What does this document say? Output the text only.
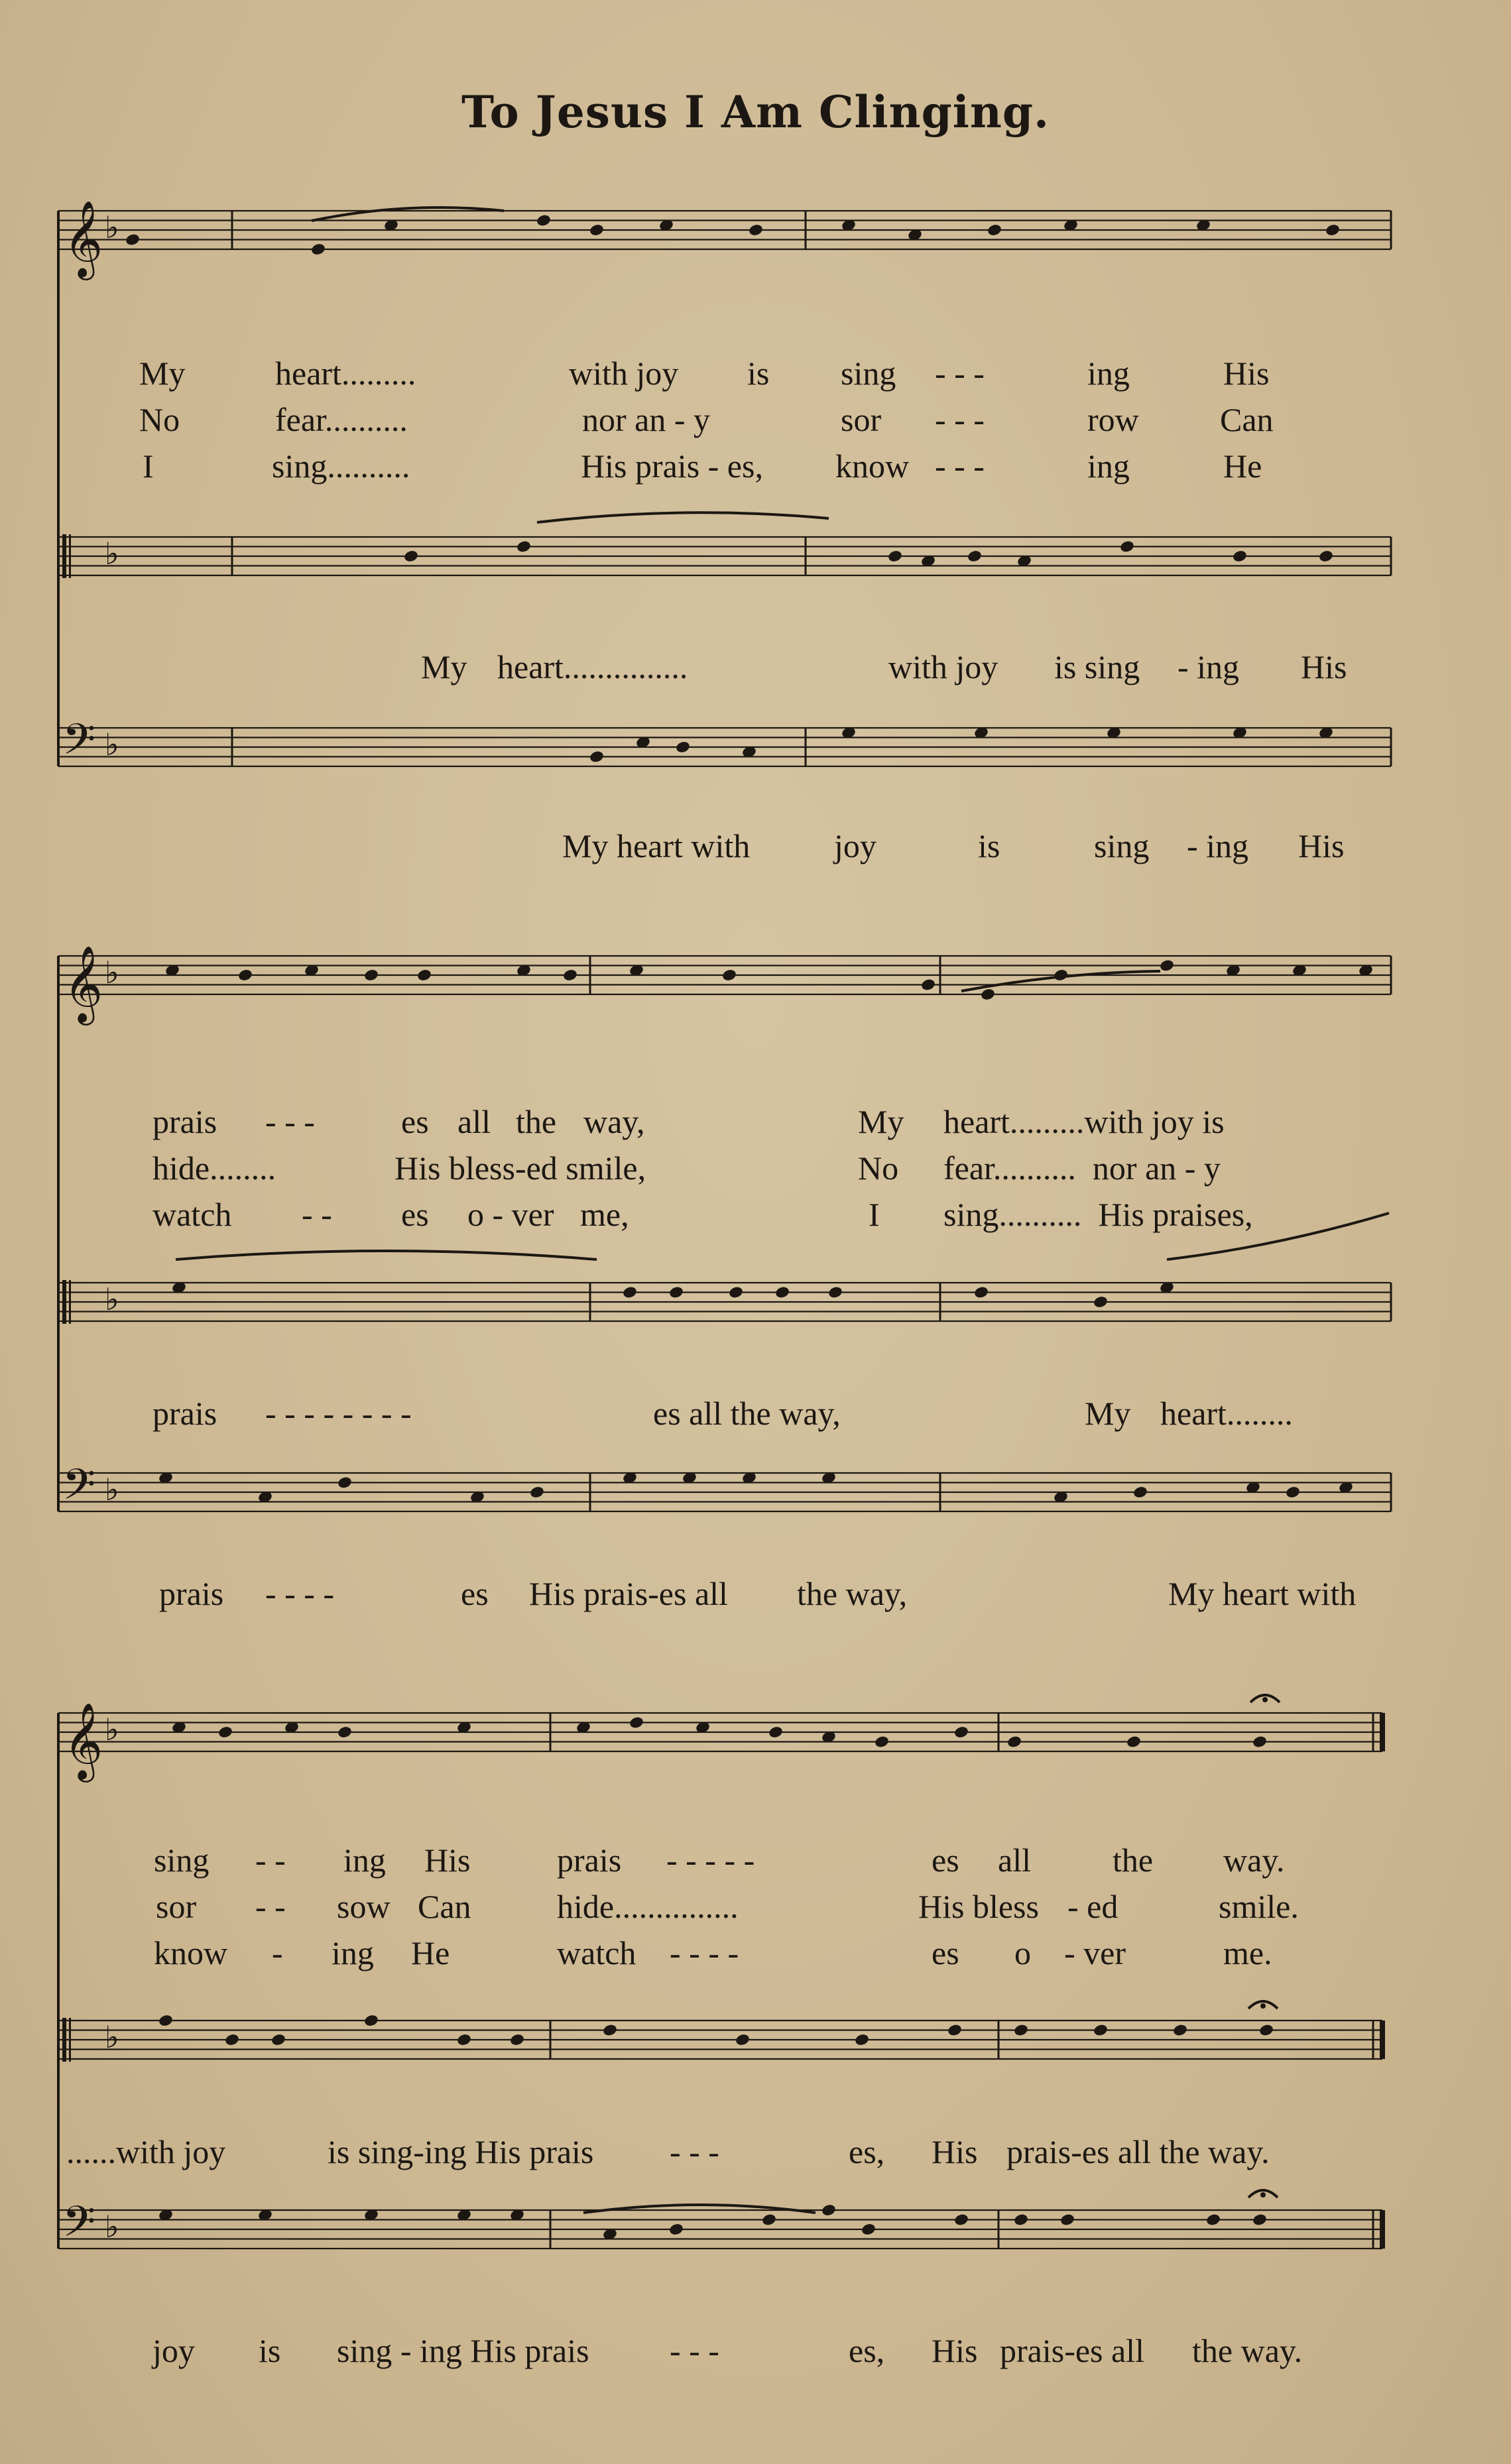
To Jesus I Am Clinging.
𝄞 ♭
♭
𝄢 ♭
𝄞 ♭
♭
𝄢 ♭
𝄞 ♭
♭
𝄢 ♭
My	heart.........	with joy is sing - - -	ing	His
No	fear..........	nor an - y	sor - - -	row Can
I	sing..........	His prais - es, know - - -	ing	He
My heart...............	with joy is sing - ing His
My heart with	joy	is	sing - ing His
prais - - -	es all the way,	My heart.........with joy is
hide........	His bless-ed smile,	No fear..........  nor an - y
watch - - es o - ver me,	I sing..........  His praises,
prais - - - - - - - -	es all the way,	My heart........
prais - - - -	es His prais-es all the way,	My heart with
sing - - ing His	prais - - - - -	es all the way.
sor - - sow Can	hide...............	His bless - ed	smile.
know - ing He	watch - - - -	es o - ver	me.
......with joy	is sing-ing His prais - - -	es, His prais-es all the way.
joy is sing - ing His prais - - -	es, His prais-es all the way.
